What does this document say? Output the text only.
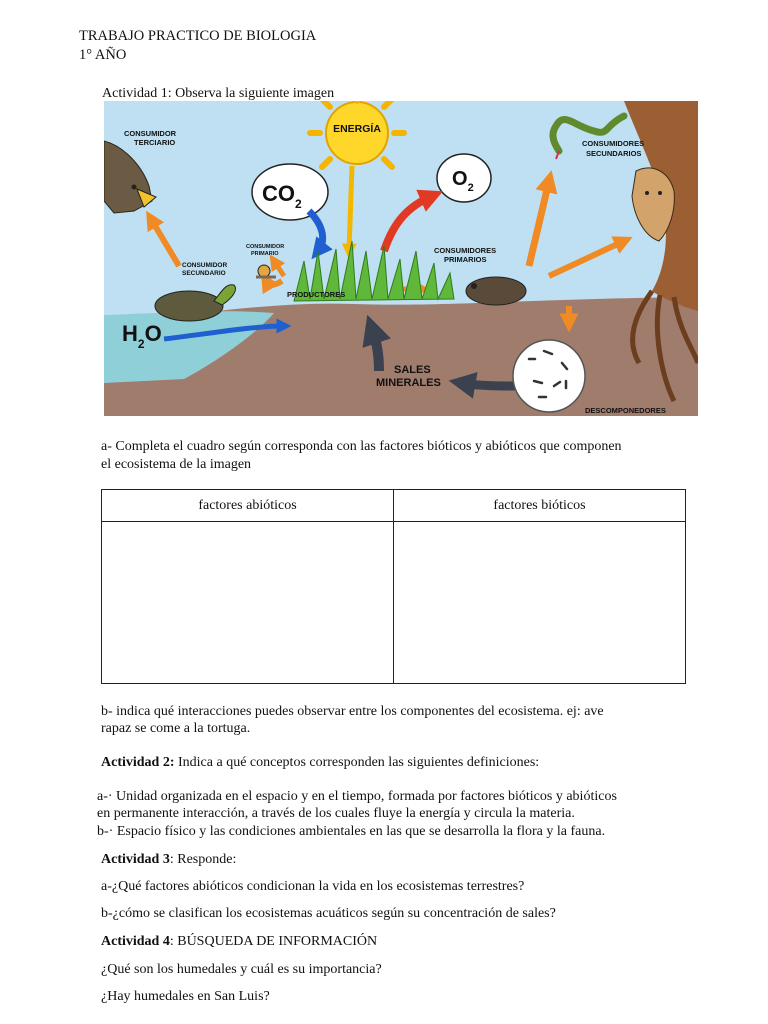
TRABAJO PRACTICO DE BIOLOGIA
1° AÑO
Actividad 1: Observa la siguiente imagen
ENERGÍA
$CO_2$
$O_2$
PRODUCTORES
$H_2O$
CONSUMIDOR
TERCIARIO	CONSUMIDORES
SECUNDARIOS
CONSUMIDOR
PRIMARIO
CONSUMIDOR
SECUNDARIO
CONSUMIDORES
PRIMARIOS
SALES
MINERALES
DESCOMPONEDORES
a- Completa el cuadro según corresponda con las factores bióticos y abióticos que componen
el ecosistema de la imagen
factores abióticos	factores bióticos

b- indica qué interacciones puedes observar entre los componentes del ecosistema. ej: ave
rapaz se come a la tortuga.
Actividad 2: Indica a qué conceptos corresponden las siguientes definiciones:
a-· Unidad organizada en el espacio y en el tiempo, formada por factores bióticos y abióticos
en permanente interacción, a través de los cuales fluye la energía y circula la materia.
b-· Espacio físico y las condiciones ambientales en las que se desarrolla la flora y la fauna.
Actividad 3: Responde:
a-¿Qué factores abióticos condicionan la vida en los ecosistemas terrestres?
b-¿cómo se clasifican los ecosistemas acuáticos según su concentración de sales?
Actividad 4: BÚSQUEDA DE INFORMACIÓN
¿Qué son los humedales y cuál es su importancia?
¿Hay humedales en San Luis?
